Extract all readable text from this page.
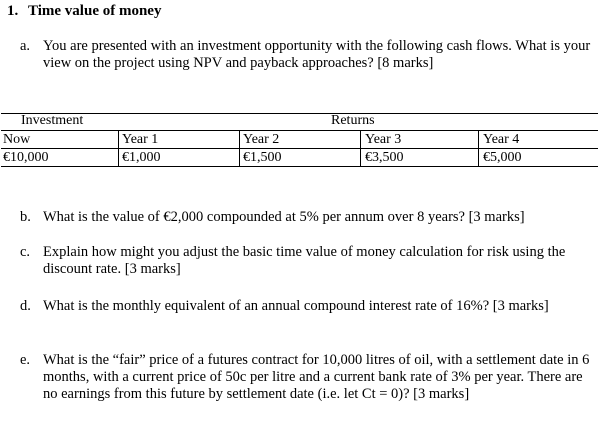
1. Time value of money
a. You are presented with an investment opportunity with the following cash flows. What is your view on the project using NPV and payback approaches? [8 marks]
Investment	Returns
Now	Year 1	Year 2	Year 3	Year 4
€10,000	€1,000	€1,500	€3,500	€5,000
b. What is the value of €2,000 compounded at 5% per annum over 8 years? [3 marks]
c. Explain how might you adjust the basic time value of money calculation for risk using the discount rate. [3 marks]
d. What is the monthly equivalent of an annual compound interest rate of 16%? [3 marks]
e. What is the “fair” price of a futures contract for 10,000 litres of oil, with a settlement date in 6 months, with a current price of 50c per litre and a current bank rate of 3% per year. There are no earnings from this future by settlement date (i.e. let Ct = 0)? [3 marks]
